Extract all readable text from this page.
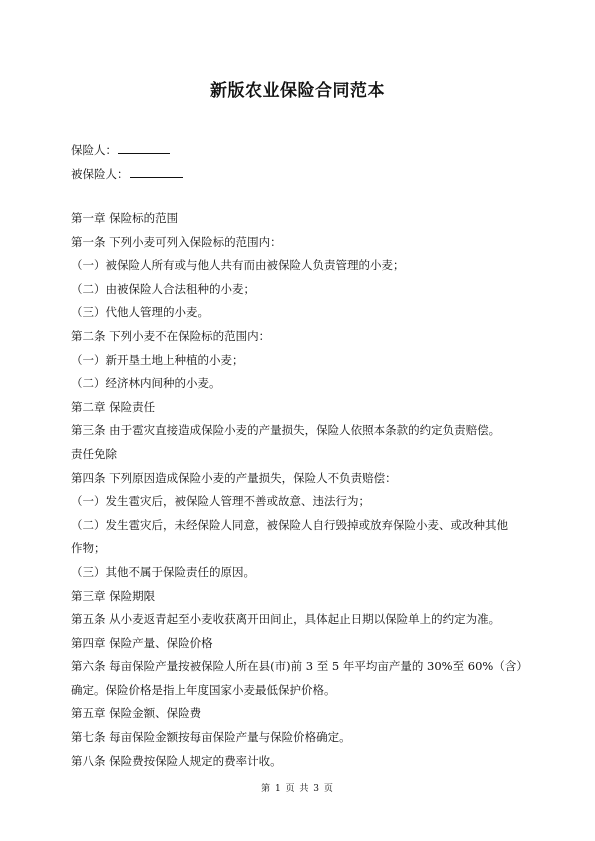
新版农业保险合同范本
保险人：
被保险人：
第一章 保险标的范围
第一条 下列小麦可列入保险标的范围内：
（一）被保险人所有或与他人共有而由被保险人负责管理的小麦；
（二）由被保险人合法租种的小麦；
（三）代他人管理的小麦。
第二条 下列小麦不在保险标的范围内：
（一）新开垦土地上种植的小麦；
（二）经济林内间种的小麦。
第二章 保险责任
第三条 由于雹灾直接造成保险小麦的产量损失，保险人依照本条款的约定负责赔偿。
责任免除
第四条 下列原因造成保险小麦的产量损失，保险人不负责赔偿：
（一）发生雹灾后，被保险人管理不善或故意、违法行为；
（二）发生雹灾后，未经保险人同意，被保险人自行毁掉或放弃保险小麦、或改种其他
作物；
（三）其他不属于保险责任的原因。
第三章 保险期限
第五条 从小麦返青起至小麦收获离开田间止，具体起止日期以保险单上的约定为准。
第四章 保险产量、保险价格
第六条 每亩保险产量按被保险人所在县(市)前 3 至 5 年平均亩产量的 30%至 60%（含）
确定。保险价格是指上年度国家小麦最低保护价格。
第五章 保险金额、保险费
第七条 每亩保险金额按每亩保险产量与保险价格确定。
第八条 保险费按保险人规定的费率计收。
第 1 页 共 3 页
